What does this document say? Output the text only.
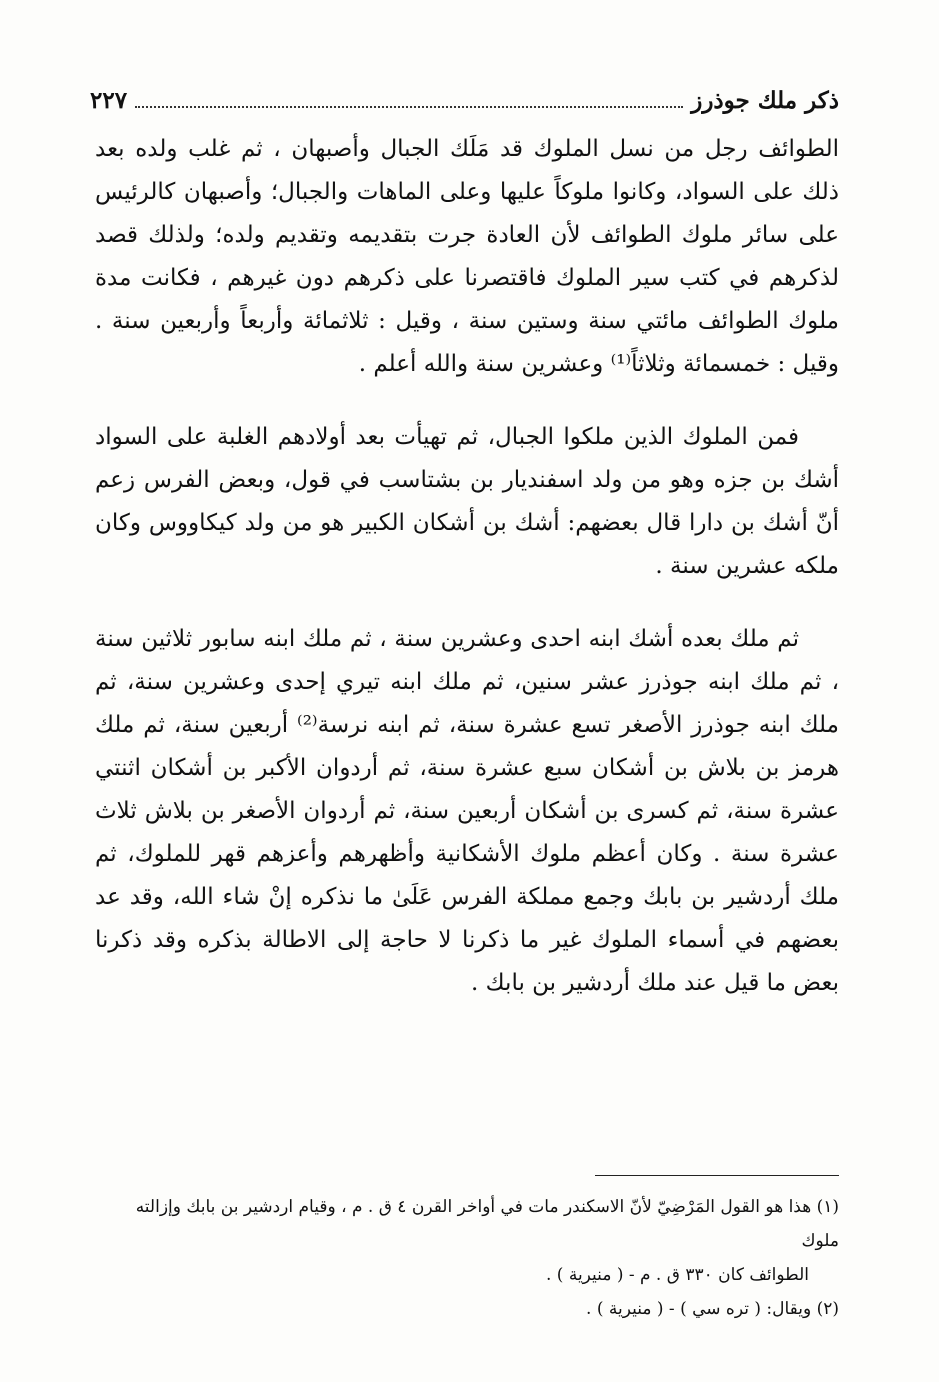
ذكر ملك جوذرز
٢٢٧

الطوائف رجل من نسل الملوك قد مَلَك الجبال وأصبهان ، ثم غلب ولده بعد ذلك على السواد، وكانوا ملوكاً عليها وعلى الماهات والجبال؛ وأصبهان كالرئيس على سائر ملوك الطوائف لأن العادة جرت بتقديمه وتقديم ولده؛ ولذلك قصد لذكرهم في كتب سير الملوك فاقتصرنا على ذكرهم دون غيرهم ، فكانت مدة ملوك الطوائف مائتي سنة وستين سنة ، وقيل : ثلاثمائة وأربعاً وأربعين سنة . وقيل : خمسمائة وثلاثاً⁽¹⁾ وعشرين سنة والله أعلم .

فمن الملوك الذين ملكوا الجبال، ثم تهيأت بعد أولادهم الغلبة على السواد أشك بن جزه وهو من ولد اسفنديار بن بشتاسب في قول، وبعض الفرس زعم أنّ أشك بن دارا قال بعضهم: أشك بن أشكان الكبير هو من ولد كيكاووس وكان ملكه عشرين سنة .

ثم ملك بعده أشك ابنه احدى وعشرين سنة ، ثم ملك ابنه سابور ثلاثين سنة ، ثم ملك ابنه جوذرز عشر سنين، ثم ملك ابنه تيري إحدى وعشرين سنة، ثم ملك ابنه جوذرز الأصغر تسع عشرة سنة، ثم ابنه نرسة⁽²⁾ أربعين سنة، ثم ملك هرمز بن بلاش بن أشكان سبع عشرة سنة، ثم أردوان الأكبر بن أشكان اثنتي عشرة سنة، ثم كسرى بن أشكان أربعين سنة، ثم أردوان الأصغر بن بلاش ثلاث عشرة سنة . وكان أعظم ملوك الأشكانية وأظهرهم وأعزهم قهر للملوك، ثم ملك أردشير بن بابك وجمع مملكة الفرس عَلَىٰ ما نذكره إنْ شاء الله، وقد عد بعضهم في أسماء الملوك غير ما ذكرنا لا حاجة إلى الاطالة بذكره وقد ذكرنا بعض ما قيل عند ملك أردشير بن بابك .

(١) هذا هو القول المَرْضِيّ لأنّ الاسكندر مات في أواخر القرن ٤ ق . م ، وقيام اردشير بن بابك وإزالته ملوك

الطوائف كان ٣٣٠ ق . م - ( منيرية ) .

(٢) ويقال: ( تره سي ) - ( منيرية ) .
